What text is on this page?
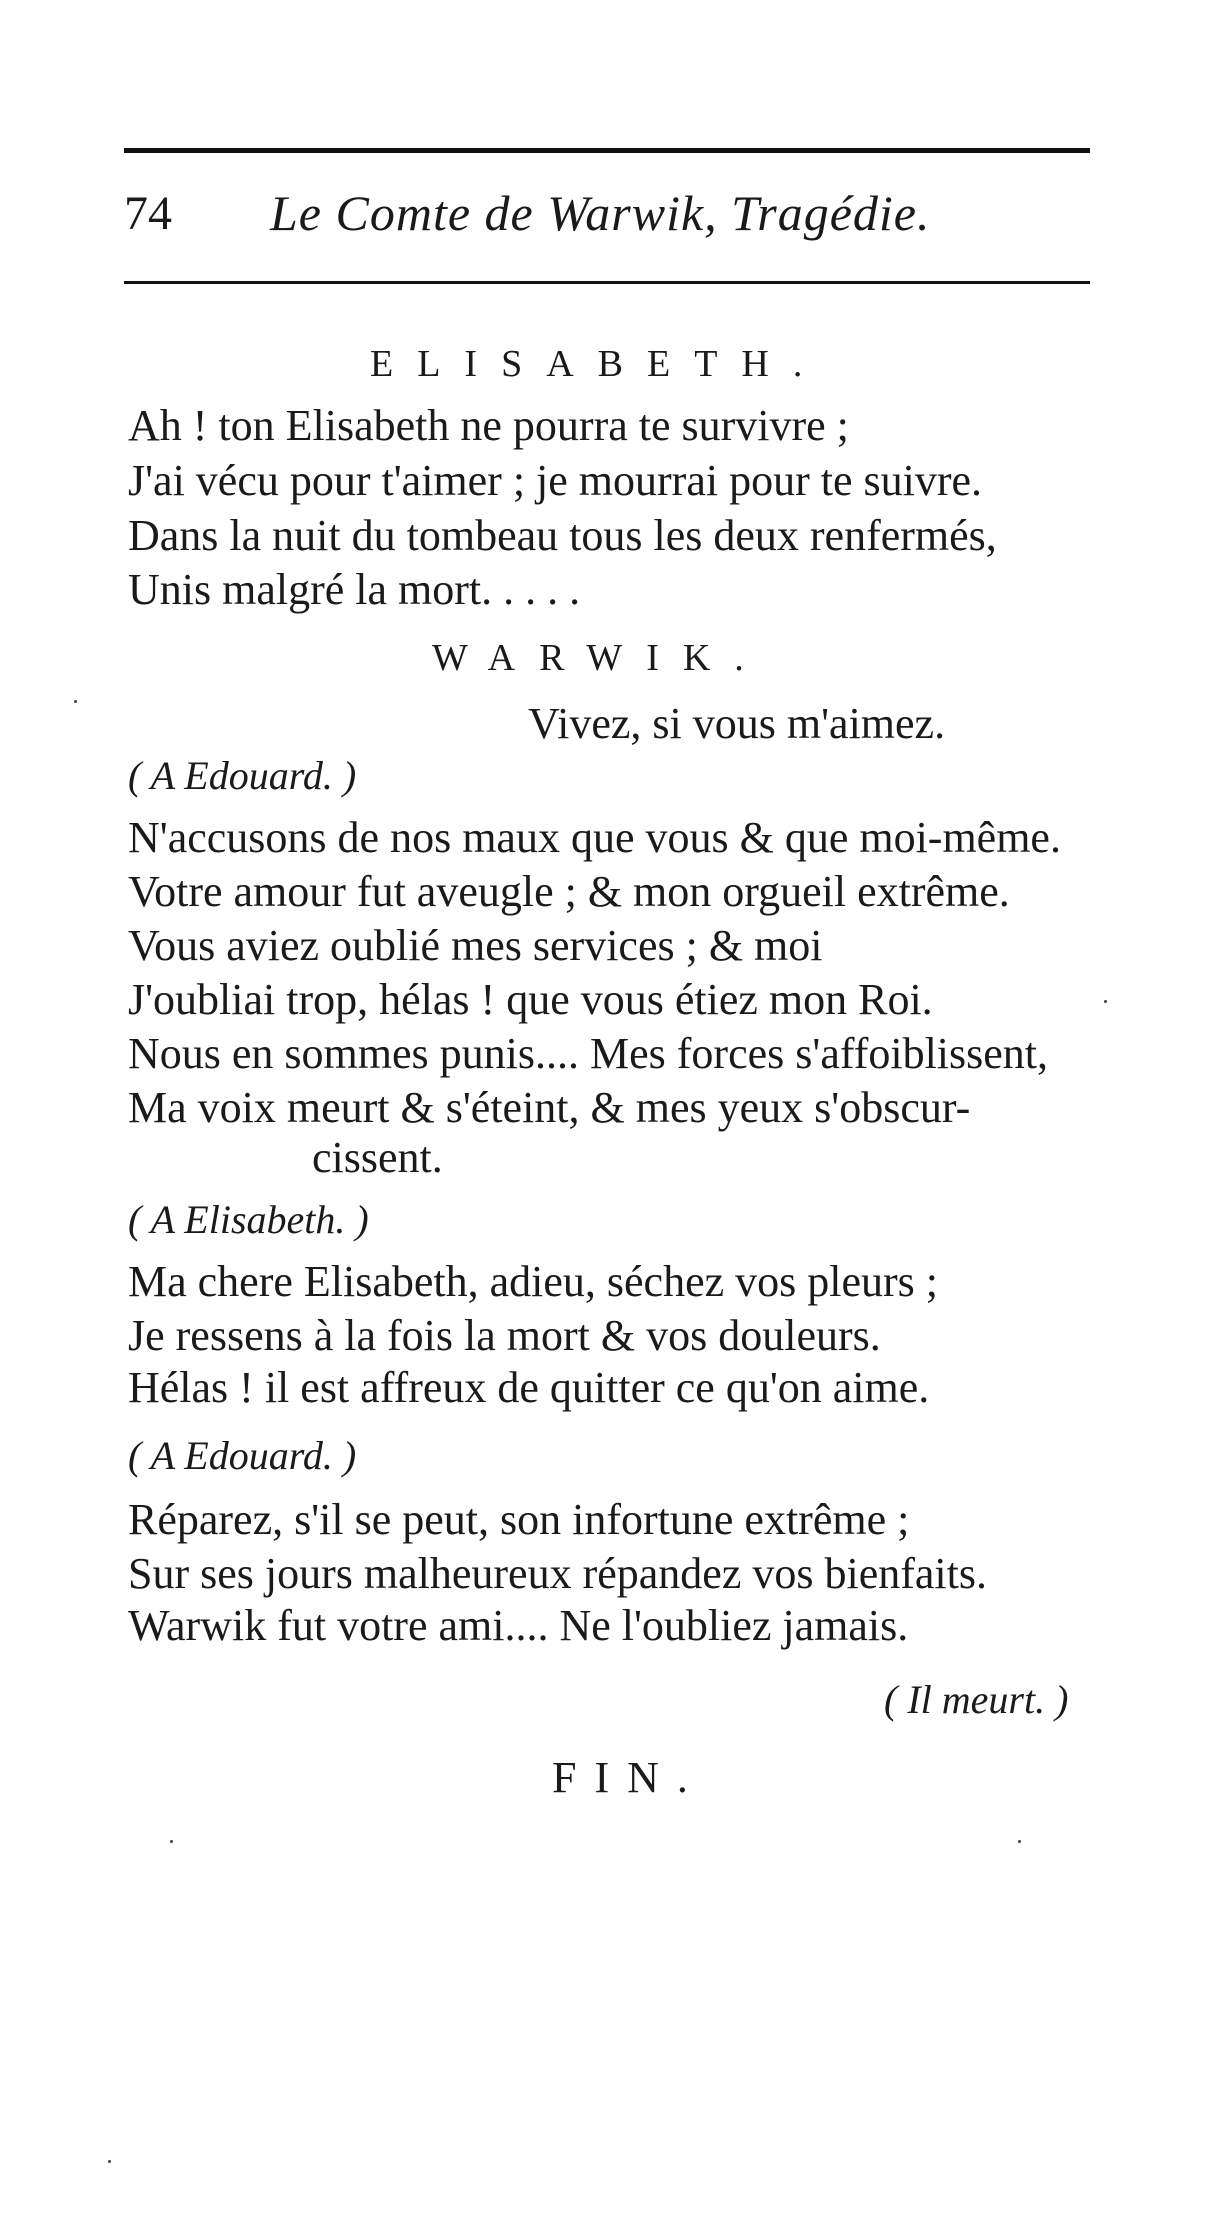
74 Le Comte de Warwik, Tragédie.
ELISABETH.
Ah ! ton Elisabeth ne pourra te survivre ;
J'ai vécu pour t'aimer ; je mourrai pour te suivre.
Dans la nuit du tombeau tous les deux renfermés,
Unis malgré la mort. . . . .
WARWIK.
Vivez, si vous m'aimez.
( A Edouard. )
N'accusons de nos maux que vous & que moi-même.
Votre amour fut aveugle ; & mon orgueil extrême.
Vous aviez oublié mes services ; & moi
J'oubliai trop, hélas ! que vous étiez mon Roi.
Nous en sommes punis.... Mes forces s'affoiblissent,
Ma voix meurt & s'éteint, & mes yeux s'obscur-
cissent.
( A Elisabeth. )
Ma chere Elisabeth, adieu, séchez vos pleurs ;
Je ressens à la fois la mort & vos douleurs.
Hélas ! il est affreux de quitter ce qu'on aime.
( A Edouard. )
Réparez, s'il se peut, son infortune extrême ;
Sur ses jours malheureux répandez vos bienfaits.
Warwik fut votre ami.... Ne l'oubliez jamais.
( Il meurt. )
FIN.
